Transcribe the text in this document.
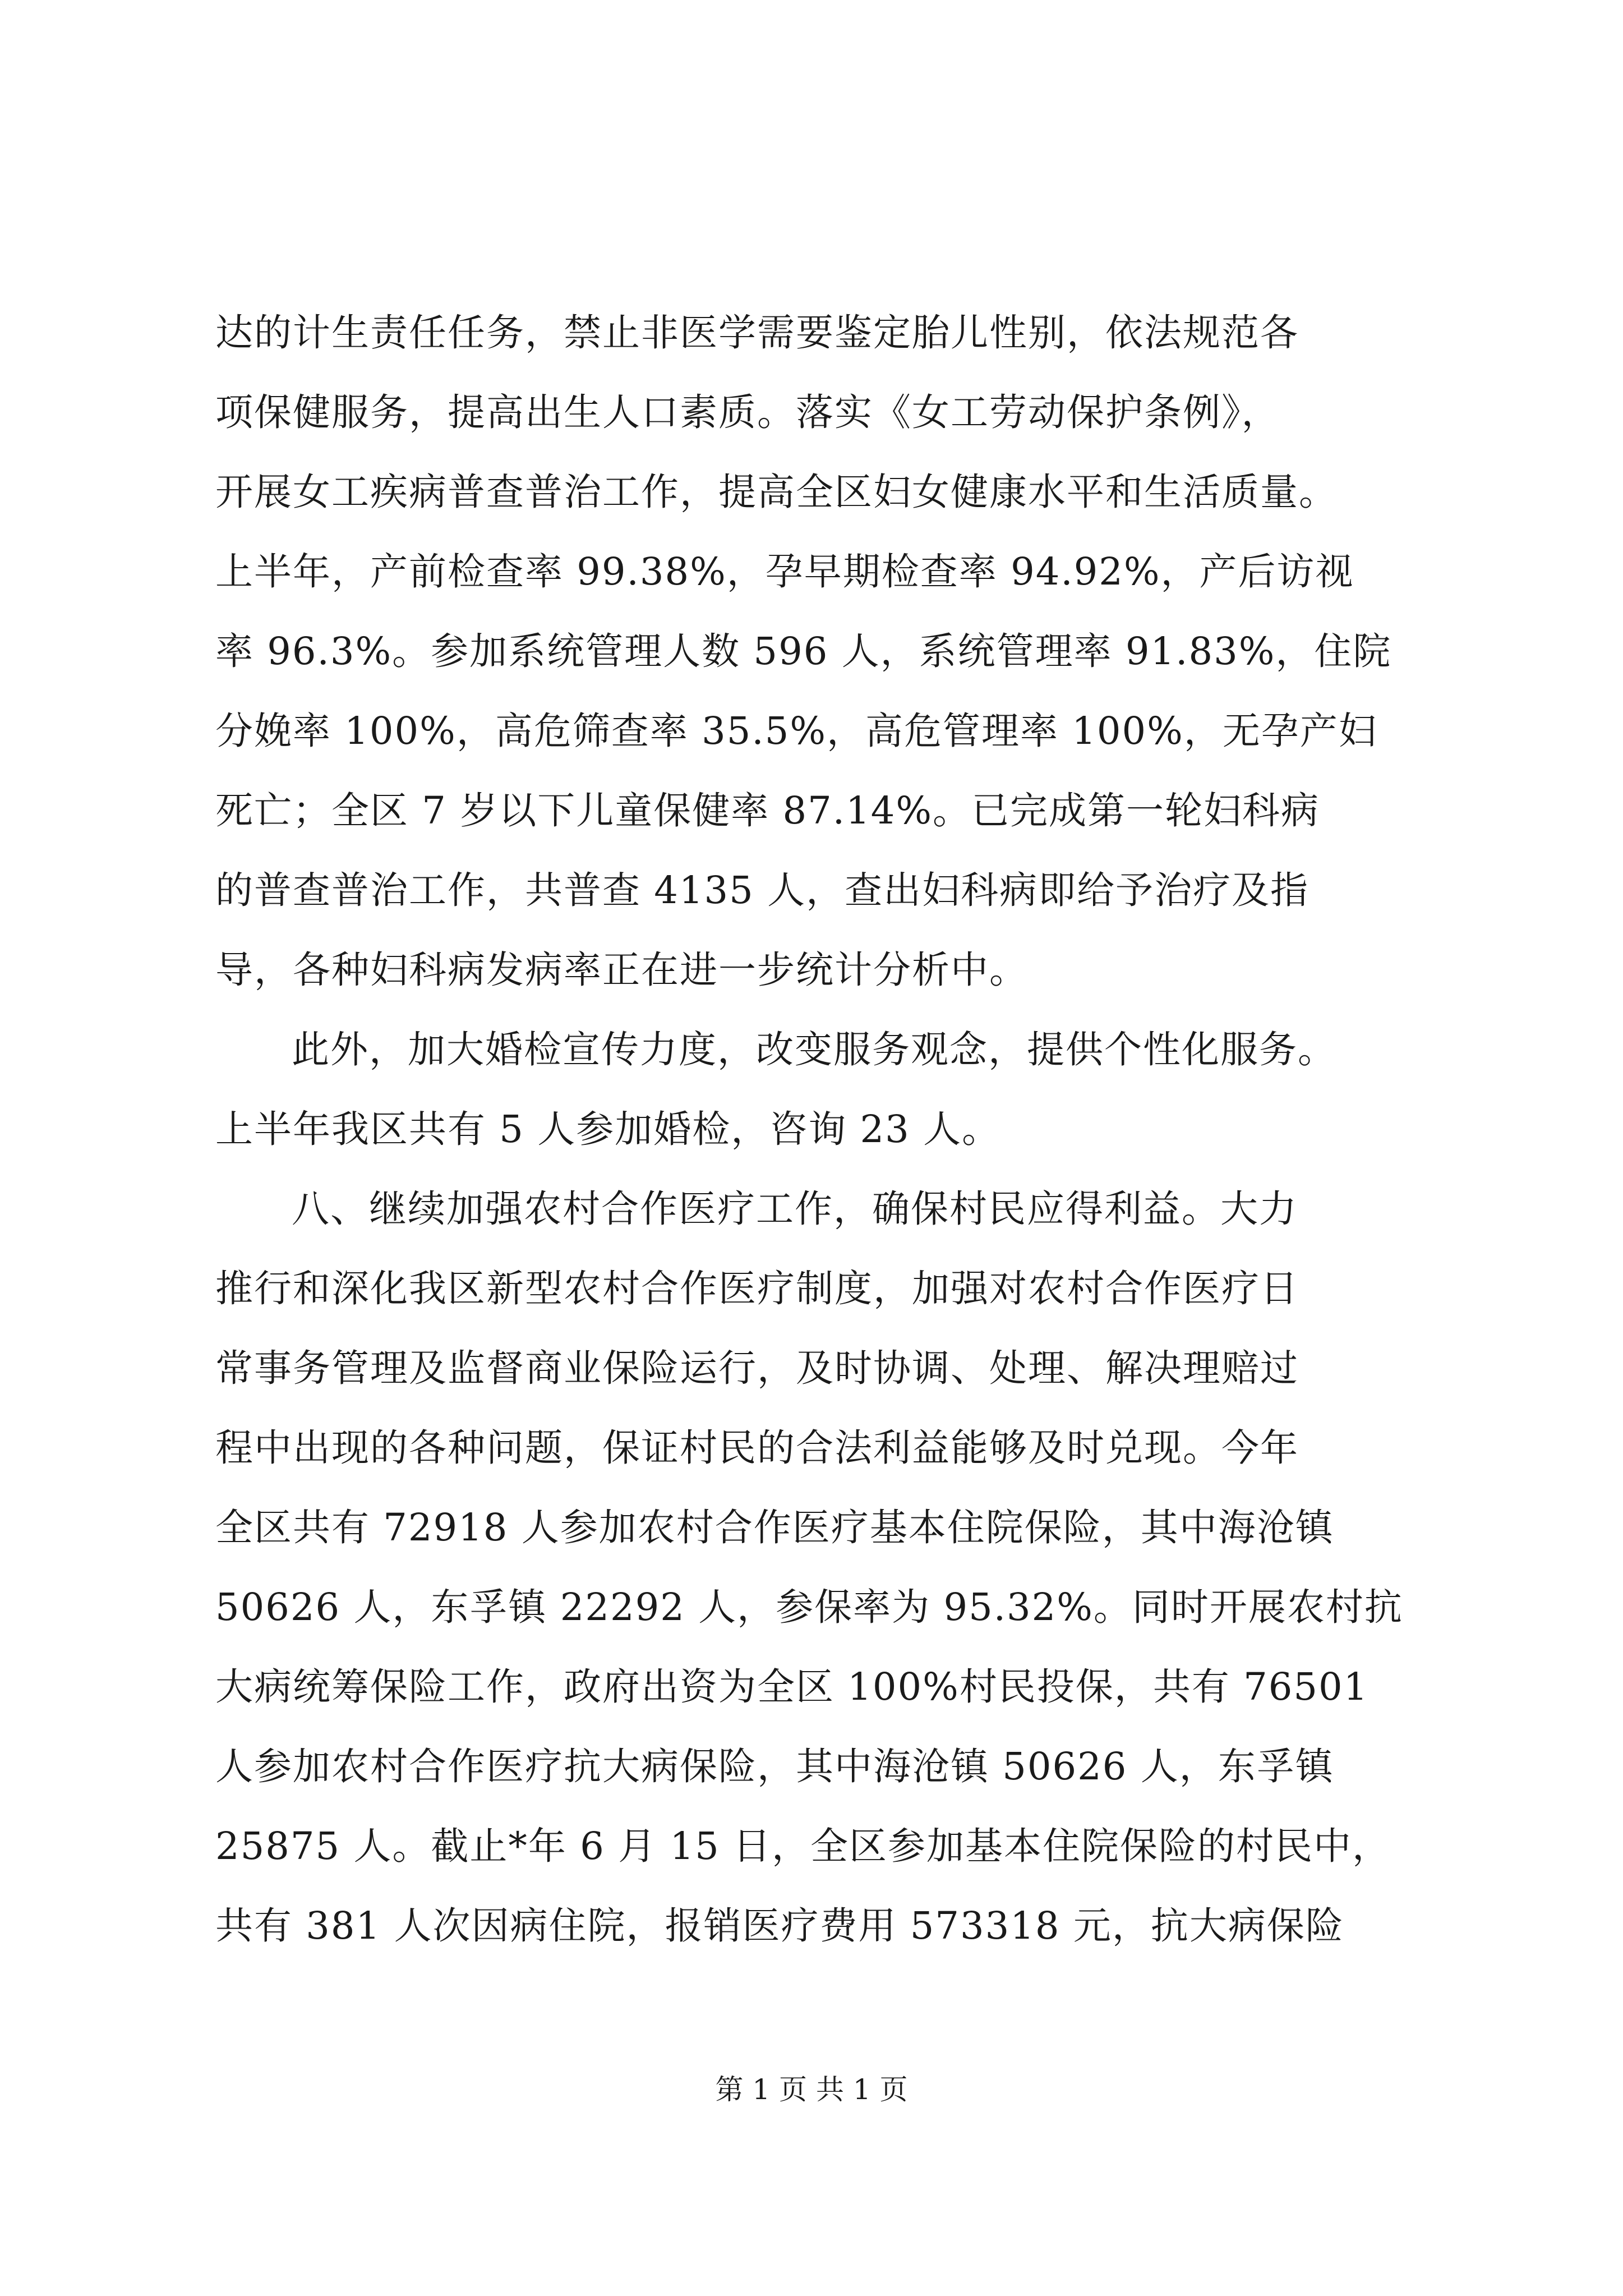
达的计生责任任务，禁止非医学需要鉴定胎儿性别，依法规范各
项保健服务，提高出生人口素质。落实《女工劳动保护条例》，
开展女工疾病普查普治工作，提高全区妇女健康水平和生活质量。
上半年，产前检查率 99.38%，孕早期检查率 94.92%，产后访视
率 96.3%。参加系统管理人数 596 人，系统管理率 91.83%，住院
分娩率 100%，高危筛查率 35.5%，高危管理率 100%，无孕产妇
死亡；全区 7 岁以下儿童保健率 87.14%。已完成第一轮妇科病
的普查普治工作，共普查 4135 人，查出妇科病即给予治疗及指
导，各种妇科病发病率正在进一步统计分析中。
此外，加大婚检宣传力度，改变服务观念，提供个性化服务。
上半年我区共有 5 人参加婚检，咨询 23 人。
八、继续加强农村合作医疗工作，确保村民应得利益。大力
推行和深化我区新型农村合作医疗制度，加强对农村合作医疗日
常事务管理及监督商业保险运行，及时协调、处理、解决理赔过
程中出现的各种问题，保证村民的合法利益能够及时兑现。今年
全区共有 72918 人参加农村合作医疗基本住院保险，其中海沧镇
50626 人，东孚镇 22292 人，参保率为 95.32%。同时开展农村抗
大病统筹保险工作，政府出资为全区 100%村民投保，共有 76501
人参加农村合作医疗抗大病保险，其中海沧镇 50626 人，东孚镇
25875 人。截止*年 6 月 15 日，全区参加基本住院保险的村民中，
共有 381 人次因病住院，报销医疗费用 573318 元，抗大病保险
第 1 页 共 1 页
